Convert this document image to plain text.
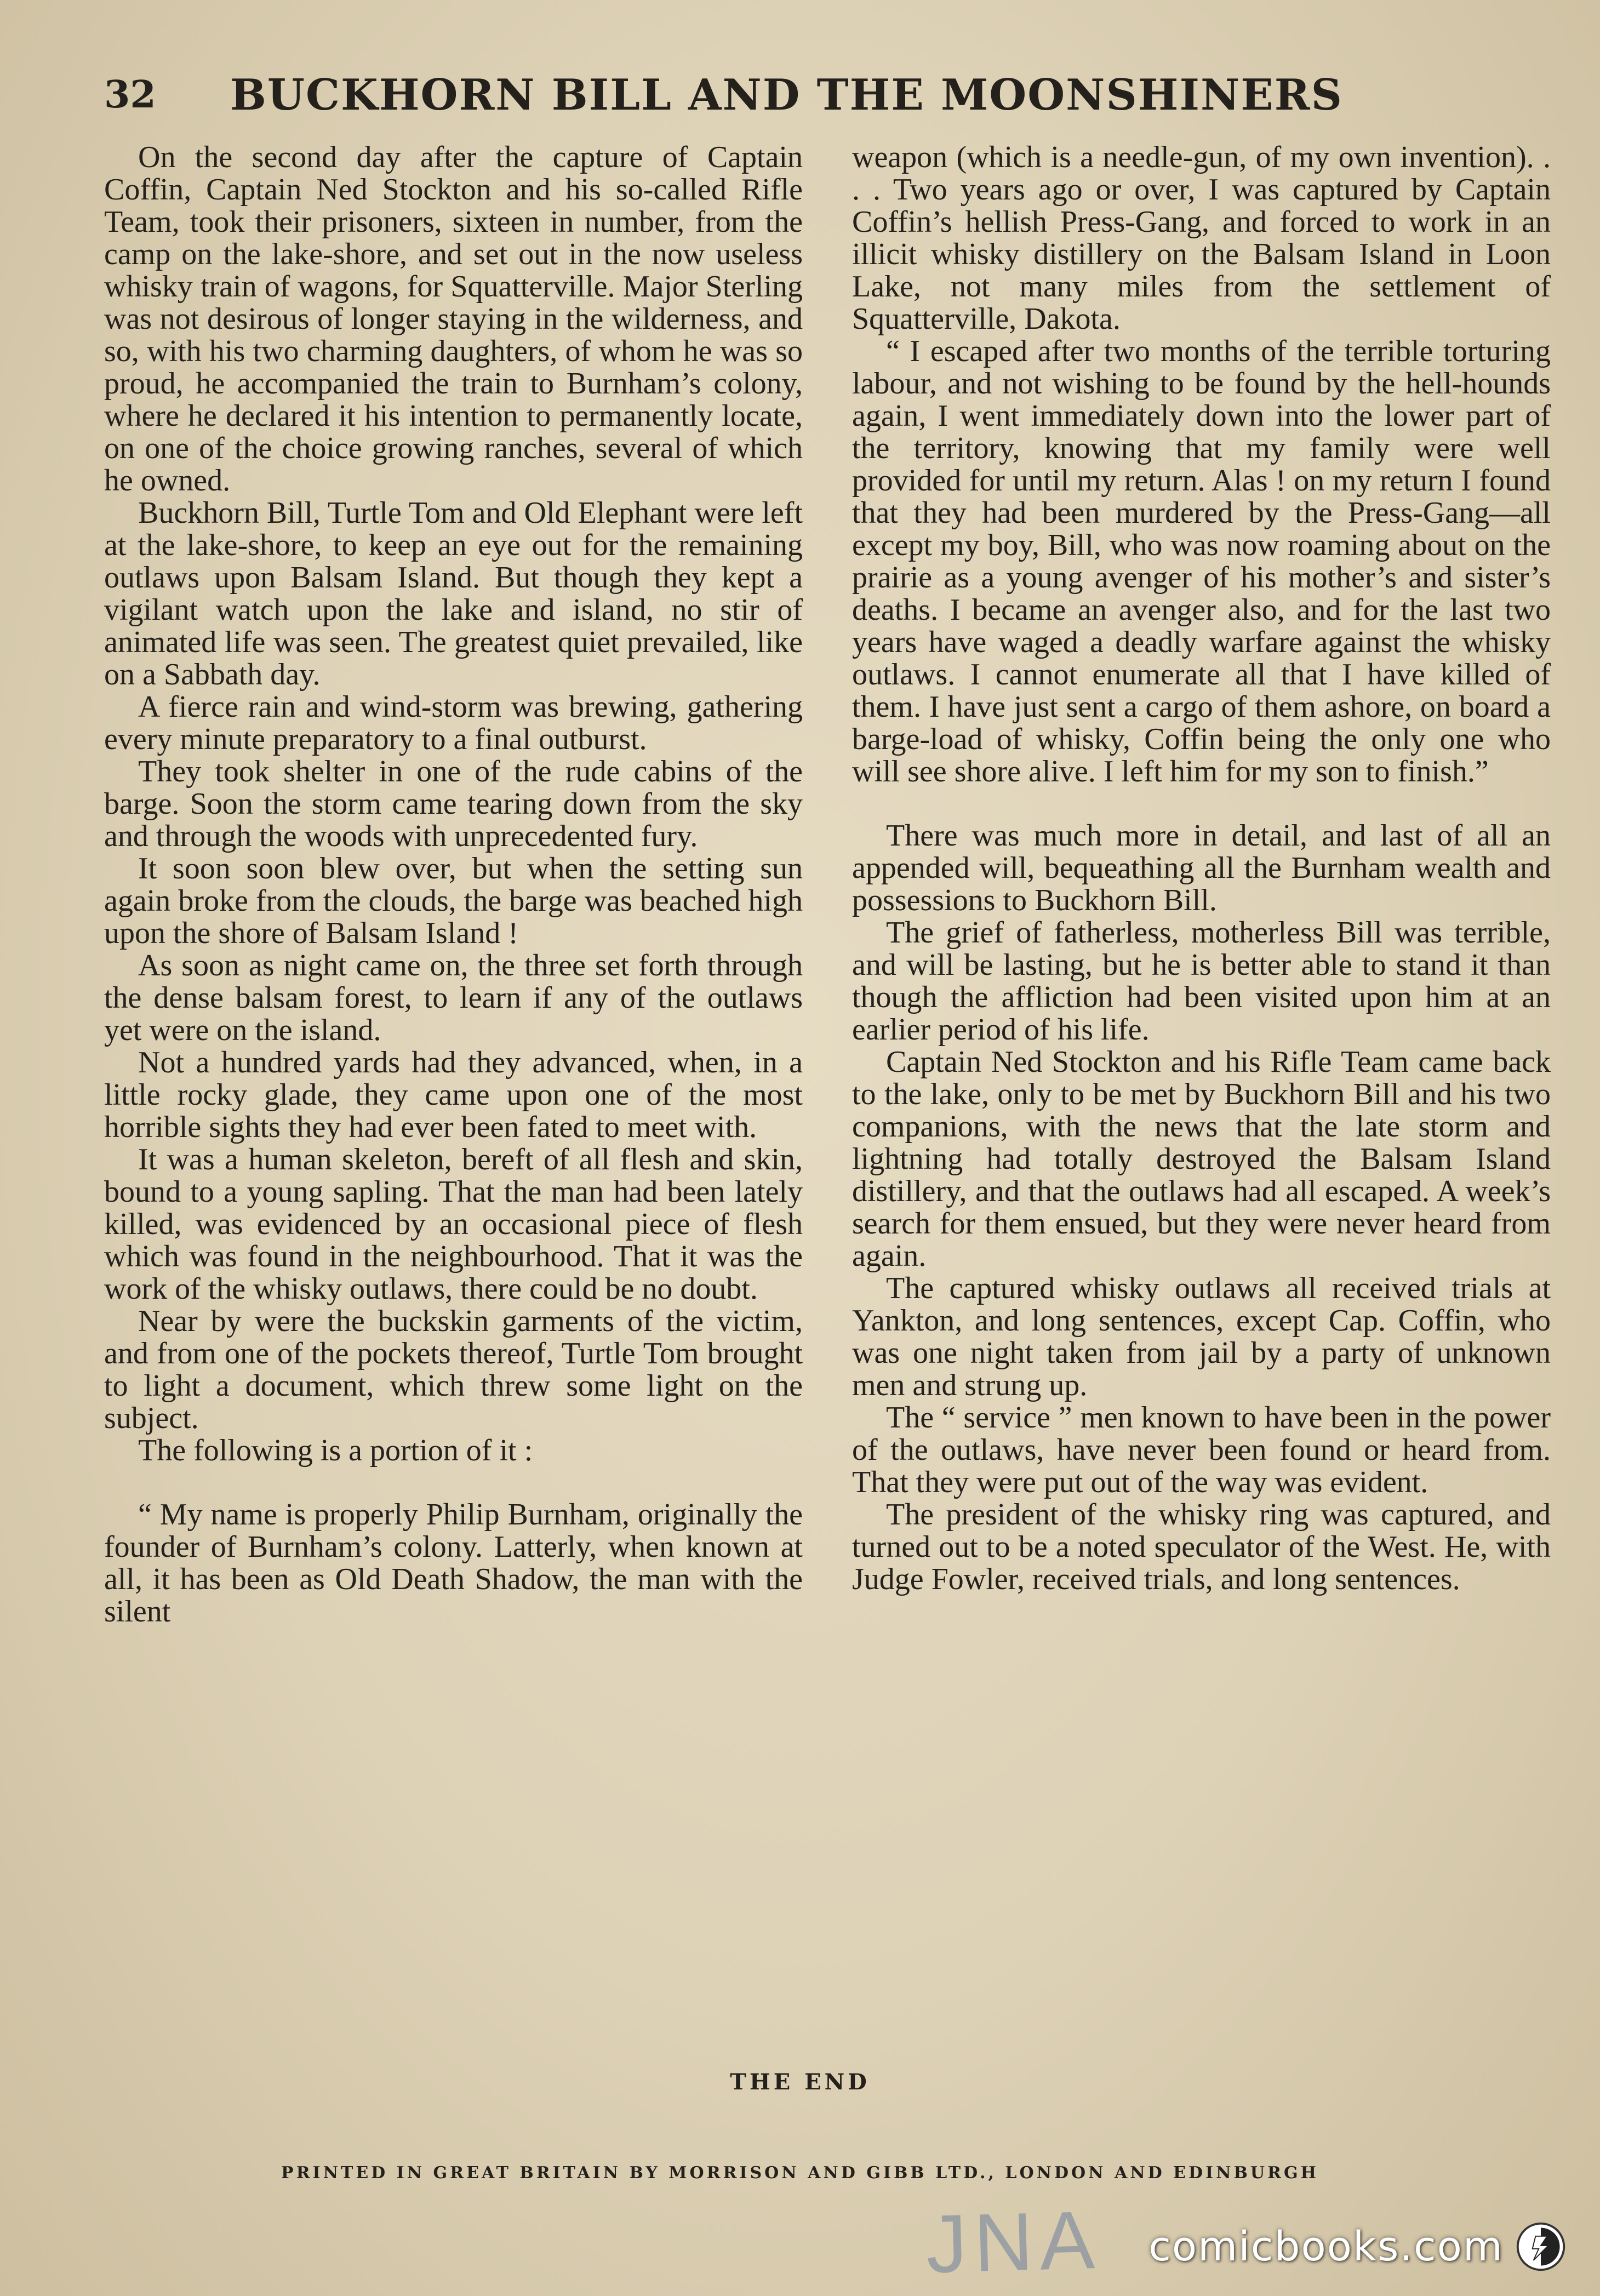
32	BUCKHORN BILL AND THE MOONSHINERS

On the second day after the capture of Captain Coffin, Captain Ned Stockton and his so-called Rifle Team, took their prisoners, sixteen in number, from the camp on the lake-shore, and set out in the now useless whisky train of wagons, for Squatterville. Major Sterling was not desirous of longer staying in the wilderness, and so, with his two charming daughters, of whom he was so proud, he accompanied the train to Burnham’s colony, where he declared it his intention to permanently locate, on one of the choice growing ranches, several of which he owned.

Buckhorn Bill, Turtle Tom and Old Elephant were left at the lake-shore, to keep an eye out for the remaining outlaws upon Balsam Island. But though they kept a vigilant watch upon the lake and island, no stir of animated life was seen. The greatest quiet prevailed, like on a Sabbath day.

A fierce rain and wind-storm was brewing, gathering every minute preparatory to a final outburst.

They took shelter in one of the rude cabins of the barge. Soon the storm came tearing down from the sky and through the woods with unprecedented fury.

It soon soon blew over, but when the setting sun again broke from the clouds, the barge was beached high upon the shore of Balsam Island !

As soon as night came on, the three set forth through the dense balsam forest, to learn if any of the outlaws yet were on the island.

Not a hundred yards had they advanced, when, in a little rocky glade, they came upon one of the most horrible sights they had ever been fated to meet with.

It was a human skeleton, bereft of all flesh and skin, bound to a young sapling. That the man had been lately killed, was evidenced by an occasional piece of flesh which was found in the neighbourhood. That it was the work of the whisky outlaws, there could be no doubt.

Near by were the buckskin garments of the victim, and from one of the pockets thereof, Turtle Tom brought to light a document, which threw some light on the subject.

The following is a portion of it :

“ My name is properly Philip Burnham, originally the founder of Burnham’s colony. Latterly, when known at all, it has been as Old Death Shadow, the man with the silent

weapon (which is a needle-gun, of my own invention). . . . Two years ago or over, I was captured by Captain Coffin’s hellish Press-Gang, and forced to work in an illicit whisky distillery on the Balsam Island in Loon Lake, not many miles from the settlement of Squatterville, Dakota.

“ I escaped after two months of the terrible torturing labour, and not wishing to be found by the hell-hounds again, I went immediately down into the lower part of the territory, knowing that my family were well provided for until my return. Alas ! on my return I found that they had been murdered by the Press-Gang—all except my boy, Bill, who was now roaming about on the prairie as a young avenger of his mother’s and sister’s deaths. I became an avenger also, and for the last two years have waged a deadly warfare against the whisky outlaws. I cannot enumerate all that I have killed of them. I have just sent a cargo of them ashore, on board a barge-load of whisky, Coffin being the only one who will see shore alive. I left him for my son to finish.”

There was much more in detail, and last of all an appended will, bequeathing all the Burnham wealth and possessions to Buckhorn Bill.

The grief of fatherless, motherless Bill was terrible, and will be lasting, but he is better able to stand it than though the affliction had been visited upon him at an earlier period of his life.

Captain Ned Stockton and his Rifle Team came back to the lake, only to be met by Buckhorn Bill and his two companions, with the news that the late storm and lightning had totally destroyed the Balsam Island distillery, and that the outlaws had all escaped. A week’s search for them ensued, but they were never heard from again.

The captured whisky outlaws all received trials at Yankton, and long sentences, except Cap. Coffin, who was one night taken from jail by a party of unknown men and strung up.

The “ service ” men known to have been in the power of the outlaws, have never been found or heard from. That they were put out of the way was evident.

The president of the whisky ring was captured, and turned out to be a noted speculator of the West. He, with Judge Fowler, received trials, and long sentences.

THE END
PRINTED IN GREAT BRITAIN BY MORRISON AND GIBB LTD., LONDON AND EDINBURGH
JNA comicbooks.com
